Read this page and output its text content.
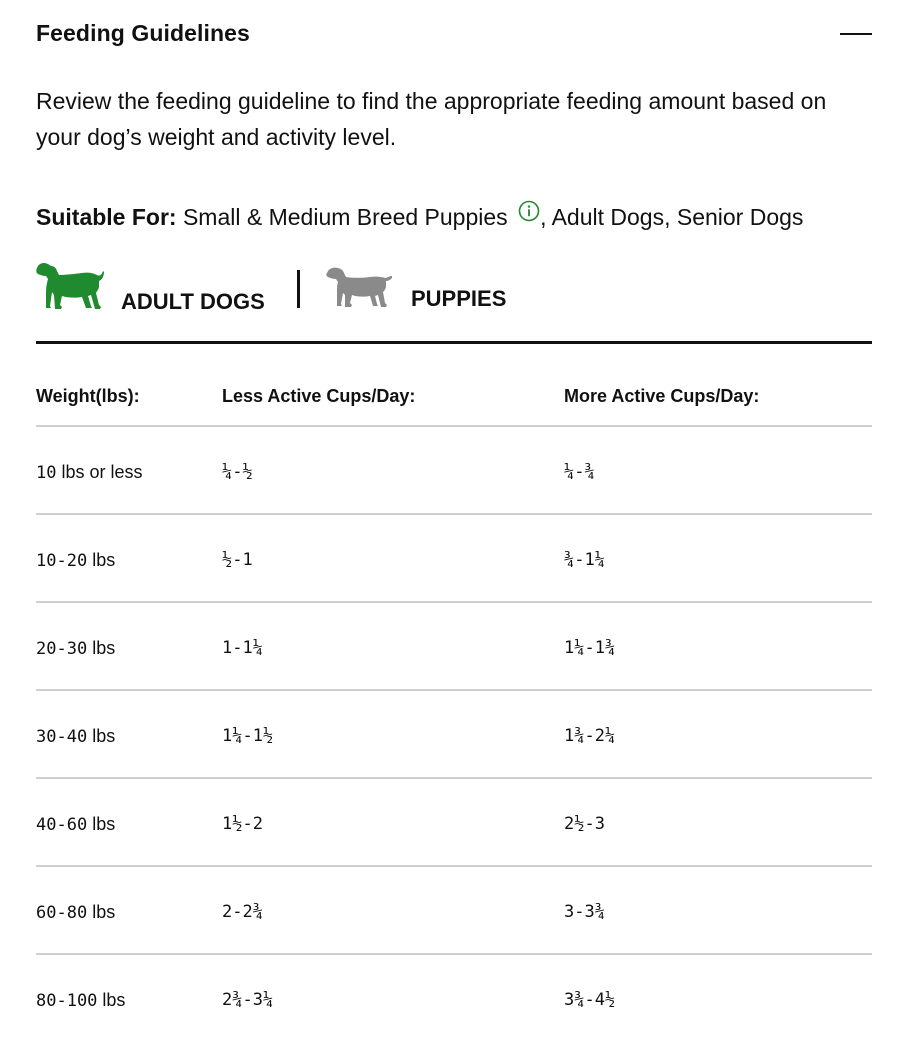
Feeding Guidelines

Review the feeding guideline to find the appropriate feeding amount based on your dog’s weight and activity level.

Suitable For: Small & Medium Breed Puppies , Adult Dogs, Senior Dogs
ADULT DOGS	PUPPIES
Weight(lbs):	Less Active Cups/Day:	More Active Cups/Day:
10 lbs or less	¼-½	¼-¾
10-20 lbs	½-1	¾-1¼
20-30 lbs	1-1¼	1¼-1¾
30-40 lbs	1¼-1½	1¾-2¼
40-60 lbs	1½-2	2½-3
60-80 lbs	2-2¾	3-3¾
80-100 lbs	2¾-3¼	3¾-4½
